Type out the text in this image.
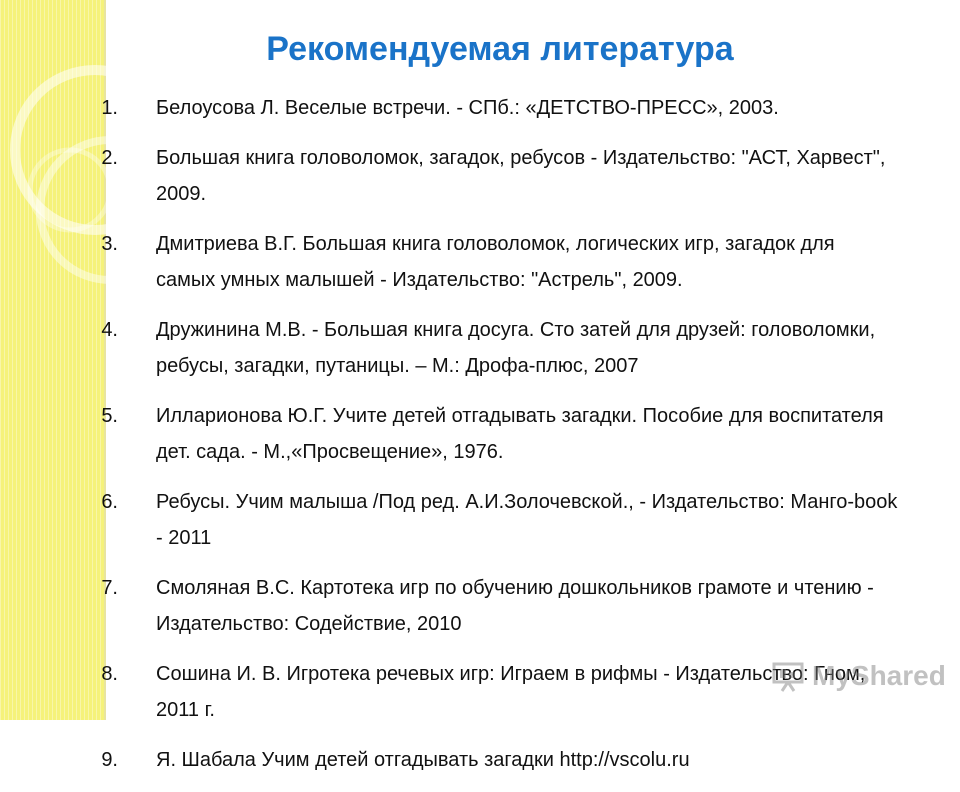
Рекомендуемая литература
1.	Белоусова Л. Веселые встречи. - СПб.: «ДЕТСТВО-ПРЕСС», 2003.
2.	Большая книга головоломок, загадок, ребусов - Издательство: "АСТ, Харвест", 2009.
3.	Дмитриева В.Г. Большая книга головоломок, логических игр, загадок для самых умных малышей - Издательство: "Астрель", 2009.
4.	Дружинина М.В. - Большая книга досуга. Сто затей для друзей: головоломки, ребусы, загадки, путаницы. – М.: Дрофа-плюс, 2007
5.	Илларионова Ю.Г. Учите детей отгадывать загадки. Пособие для воспитателя дет. сада. - М.,«Просвещение», 1976.
6.	Ребусы. Учим малыша /Под ред. А.И.Золочевской., - Издательство: Манго-book - 2011
7.	Смоляная В.С. Картотека игр по обучению дошкольников грамоте и чтению - Издательство: Содействие, 2010
8.	Сошина И. В. Игротека речевых игр: Играем в рифмы - Издательство: Гном, 2011 г.
9.	Я. Шабала Учим детей отгадывать загадки http://vscolu.ru
MyShared
